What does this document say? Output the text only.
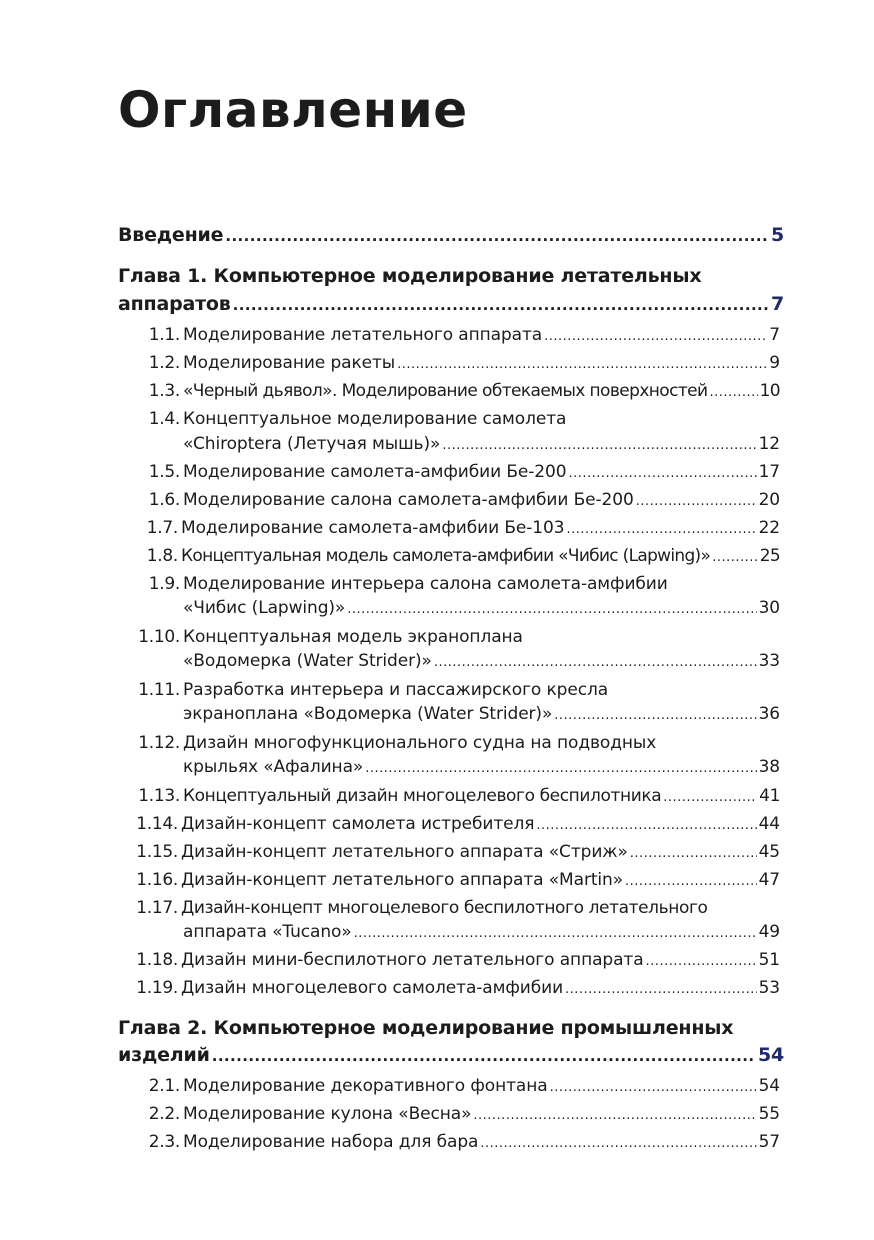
Оглавление
Введение .....	5
Глава 1. Компьютерное моделирование летательных
аппаратов .....	7
1.1. Моделирование летательного аппарата .....	7
1.2. Моделирование ракеты .....	9
1.3. «Черный дьявол». Моделирование обтекаемых поверхностей .....	10
1.4. Концептуальное моделирование самолета
«Chiroptera (Летучая мышь)» .....	12
1.5. Моделирование самолета-амфибии Бе-200 .....	17
1.6. Моделирование салона самолета-амфибии Бе-200 .....	20
1.7. Моделирование самолета-амфибии Бе-103 .....	22
1.8. Концептуальная модель самолета-амфибии «Чибис (Lapwing)» .....	25
1.9. Моделирование интерьера салона самолета-амфибии
«Чибис (Lapwing)» .....	30
1.10. Концептуальная модель экраноплана
«Водомерка (Water Strider)» .....	33
1.11. Разработка интерьера и пассажирского кресла
экраноплана «Водомерка (Water Strider)» .....	36
1.12. Дизайн многофункционального судна на подводных
крыльях «Афалина» .....	38
1.13. Концептуальный дизайн многоцелевого беспилотника .....	41
1.14. Дизайн-концепт самолета истребителя .....	44
1.15. Дизайн-концепт летательного аппарата «Стриж» .....	45
1.16. Дизайн-концепт летательного аппарата «Martin» .....	47
1.17. Дизайн-концепт многоцелевого беспилотного летательного
аппарата «Tucano» .....	49
1.18. Дизайн мини-беспилотного летательного аппарата .....	51
1.19. Дизайн многоцелевого самолета-амфибии .....	53
Глава 2. Компьютерное моделирование промышленных
изделий .....	54
2.1. Моделирование декоративного фонтана .....	54
2.2. Моделирование кулона «Весна» .....	55
2.3. Моделирование набора для бара .....	57
